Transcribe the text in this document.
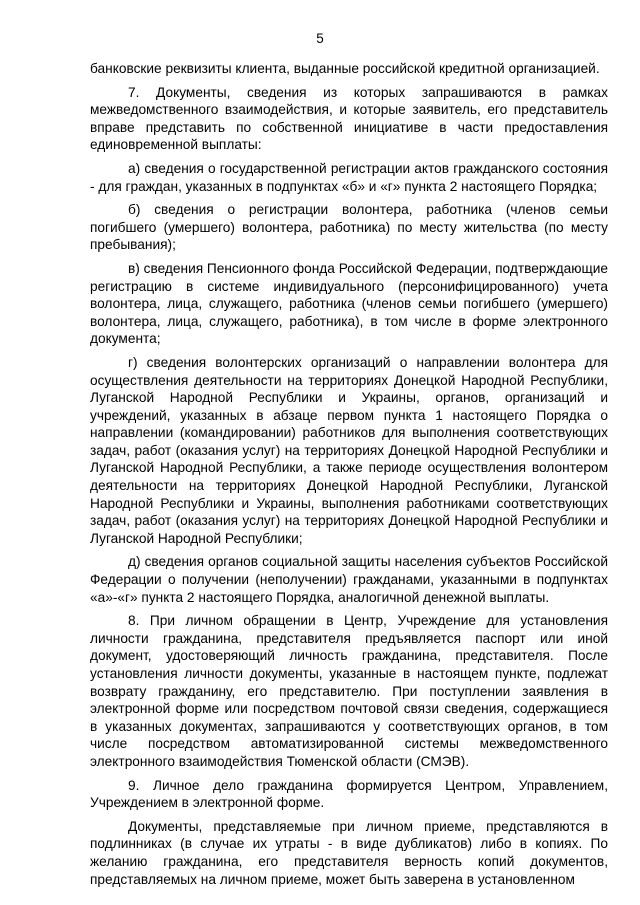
5

банковские реквизиты клиента, выданные российской кредитной организацией.

7. Документы, сведения из которых запрашиваются в рамках межведомственного взаимодействия, и которые заявитель, его представитель вправе представить по собственной инициативе в части предоставления единовременной выплаты:

а) сведения о государственной регистрации актов гражданского состояния - для граждан, указанных в подпунктах «б» и «г» пункта 2 настоящего Порядка;

б) сведения о регистрации волонтера, работника (членов семьи погибшего (умершего) волонтера, работника) по месту жительства (по месту пребывания);

в) сведения Пенсионного фонда Российской Федерации, подтверждающие регистрацию в системе индивидуального (персонифицированного) учета волонтера, лица, служащего, работника (членов семьи погибшего (умершего) волонтера, лица, служащего, работника), в том числе в форме электронного документа;

г) сведения волонтерских организаций о направлении волонтера для осуществления деятельности на территориях Донецкой Народной Республики, Луганской Народной Республики и Украины, органов, организаций и учреждений, указанных в абзаце первом пункта 1 настоящего Порядка о направлении (командировании) работников для выполнения соответствующих задач, работ (оказания услуг) на территориях Донецкой Народной Республики и Луганской Народной Республики, а также периоде осуществления волонтером деятельности на территориях Донецкой Народной Республики, Луганской Народной Республики и Украины, выполнения работниками соответствующих задач, работ (оказания услуг) на территориях Донецкой Народной Республики и Луганской Народной Республики;

д) сведения органов социальной защиты населения субъектов Российской Федерации о получении (неполучении) гражданами, указанными в подпунктах «а»-«г» пункта 2 настоящего Порядка, аналогичной денежной выплаты.

8. При личном обращении в Центр, Учреждение для установления личности гражданина, представителя предъявляется паспорт или иной документ, удостоверяющий личность гражданина, представителя. После установления личности документы, указанные в настоящем пункте, подлежат возврату гражданину, его представителю. При поступлении заявления в электронной форме или посредством почтовой связи сведения, содержащиеся в указанных документах, запрашиваются у соответствующих органов, в том числе посредством автоматизированной системы межведомственного электронного взаимодействия Тюменской области (СМЭВ).

9. Личное дело гражданина формируется Центром, Управлением, Учреждением в электронной форме.

Документы, представляемые при личном приеме, представляются в подлинниках (в случае их утраты - в виде дубликатов) либо в копиях. По желанию гражданина, его представителя верность копий документов, представляемых на личном приеме, может быть заверена в установленном
